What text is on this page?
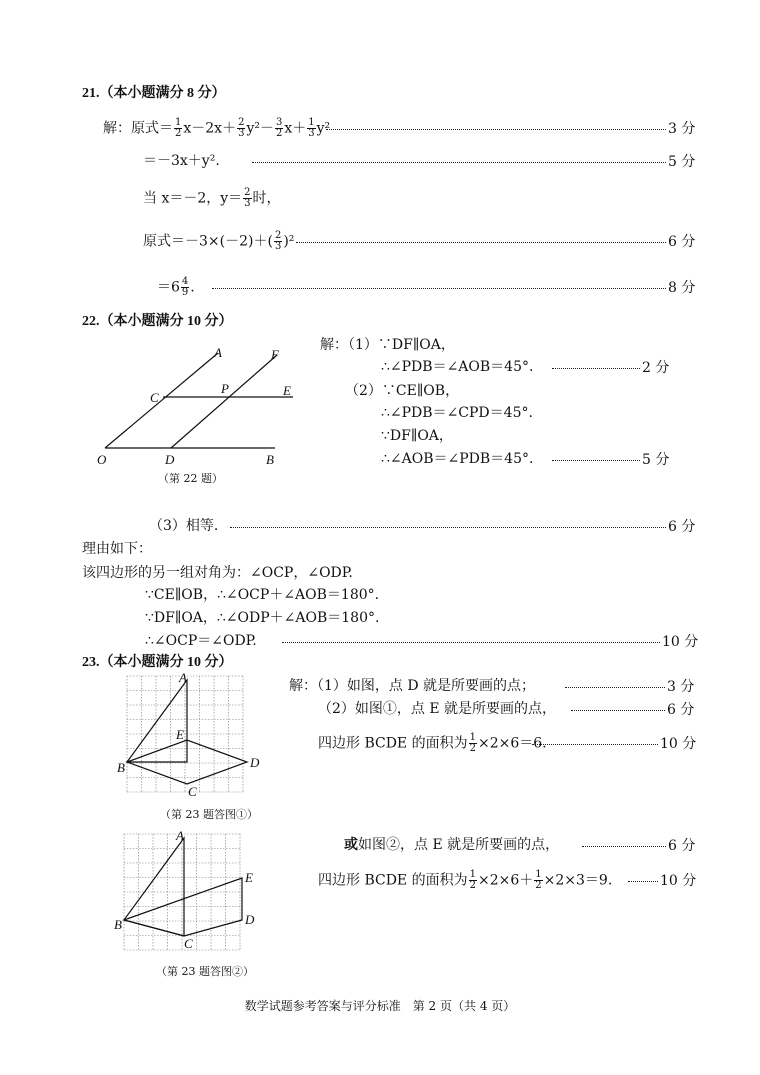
21.（本小题满分 8 分）
解：原式＝ $\frac{1}{2} x-2x+ \frac{2}{3} y^2- \frac{3}{2} x+ \frac{1}{3} y^2$	3 分
＝－3x＋y².	5 分
当 x＝－2，$y= \frac{2}{3}$ 时，
原式$=-3\times(-2)+( \frac{2}{3} )^2$	6 分
$=6 \frac{4}{9}$ .	8 分
22.（本小题满分 10 分）
A	F
C
P	E
O	D	B
（第 22 题）
解：（1）∵DF∥OA，
∴∠PDB＝∠AOB＝45°.	2 分
（2）∵CE∥OB，
∴∠PDB＝∠CPD＝45°.
∵DF∥OA，
∴∠AOB＝∠PDB＝45°.	5 分
（3）相等.	6 分
理由如下：
该四边形的另一组对角为：∠OCP，∠ODP.
∵CE∥OB，∴∠OCP＋∠AOB＝180°.
∵DF∥OA，∴∠ODP＋∠AOB＝180°.
∴∠OCP＝∠ODP.	10 分
23.（本小题满分 10 分）
A
E
B	D
C
（第 23 题答图①）
解：（1）如图，点 D 就是所要画的点；	3 分
（2）如图①，点 E 就是所要画的点，	6 分
四边形 BCDE 的面积为 $\frac{1}{2} \times 2\times 6=6$.	10 分
A
E
B	D
C
（第 23 题答图②）
或如图②，点 E 就是所要画的点，	6 分
四边形 BCDE 的面积为 $\frac{1}{2} \times 2\times 6+ \frac{1}{2} \times 2\times 3=9$.	10 分
数学试题参考答案与评分标准　第 2 页（共 4 页）
